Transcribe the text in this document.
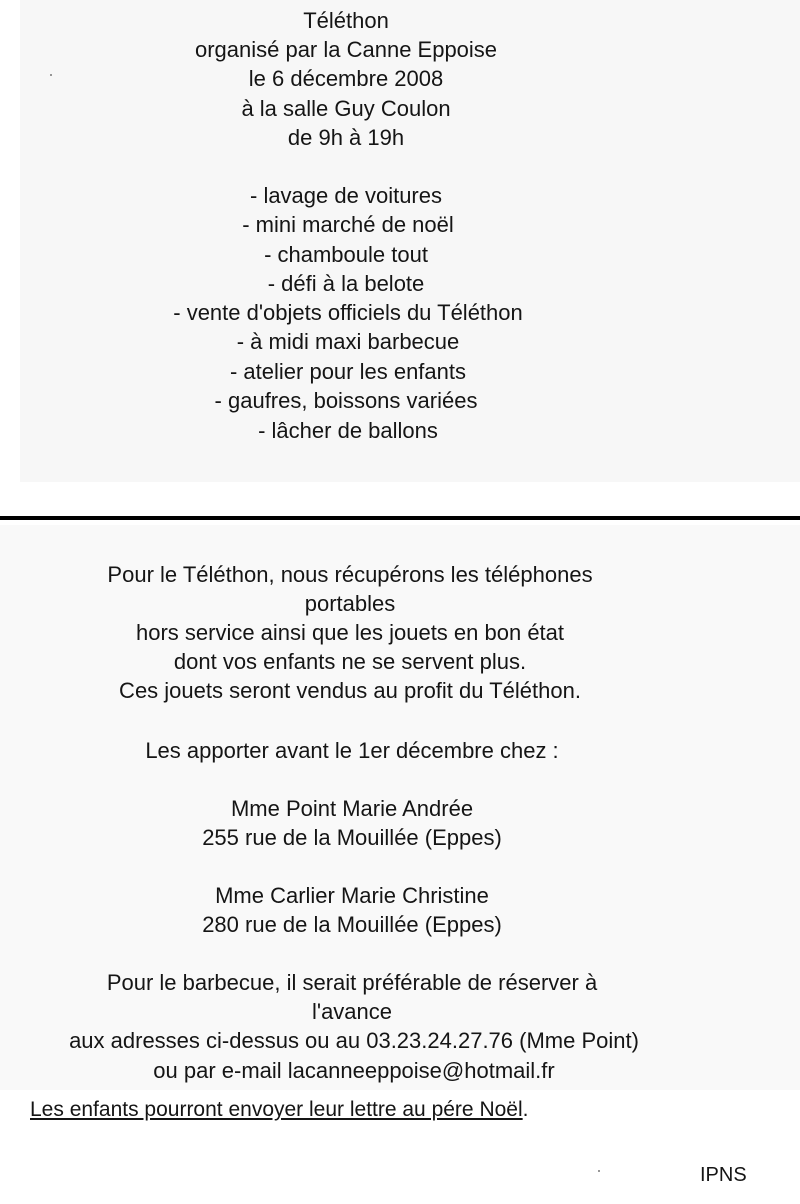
Téléthon
organisé par la Canne Eppoise
le 6 décembre 2008
à la salle Guy Coulon
de 9h à 19h
- lavage de voitures
- mini marché de noël
- chamboule tout
- défi à la belote
- vente d'objets officiels du Téléthon
- à midi maxi barbecue
- atelier pour les enfants
- gaufres, boissons variées
- lâcher de ballons
Pour le Téléthon, nous récupérons les téléphones
portables
hors service ainsi que les jouets en bon état
dont vos enfants ne se servent plus.
Ces jouets seront vendus au profit du Téléthon.
Les apporter avant le 1er décembre chez :
Mme Point Marie Andrée
255 rue de la Mouillée (Eppes)
Mme Carlier Marie Christine
280 rue de la Mouillée (Eppes)
Pour le barbecue, il serait préférable de réserver à
l'avance
aux adresses ci-dessus ou au 03.23.24.27.76 (Mme Point)
ou par e-mail lacanneeppoise@hotmail.fr
Les enfants pourront envoyer leur lettre au pére Noël.
IPNS
